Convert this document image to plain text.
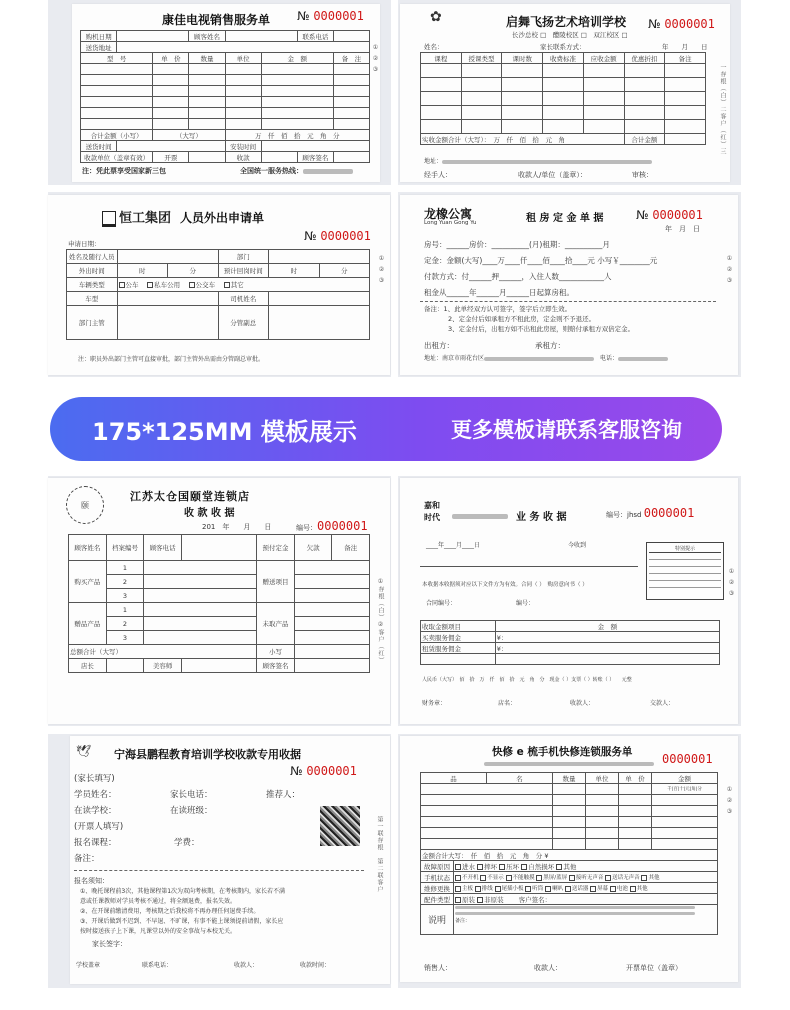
康佳电视销售服务单 № 0000001
购机日期			顾客姓名			联系电话	
送货地址							
型　号		单　价	数量	单位	金　额		备　注

合计金额（小写）		（大写）		万　仟　佰　拾　元　角　分			
送货时间				安装时间			
收款单位（盖章有效）		开票		收款		顾客签名	
注：凭此票享受国家新三包	全国统一服务热线：
① ② ③
✿	启舞飞扬艺术培训学校 № 0000001
长沙总校 □　醴陵校区 □　双江校区 □
姓名：	家长联系方式：	年　　月　　日
课程	授课类型	课时数	收费标准	应收金额	优惠折扣	备注

实收金额合计（大写）：　万　仟　佰　拾　元　角					合计金额	
地址：
经手人：	收款人/单位（盖章）：	审核：
一存根（白）二客户（红）三
恒工集团 人员外出申请单
№ 0000001
申请日期：
姓名及随行人员			部门		
外出时间	时	分	预计回岗时间	时	分
车辆类型	公车　 私车公用　 公交车　 其它				
车型			司机姓名		
部门主管			分管副总		
注：职员外出部门主管可直接审批，部门主管外出需由分管副总审批。
① ② ③
龙橡公寓
Long Yuan Gong Yu	租 房 定 金 单 据	№ 0000001
年　月　日
房号：______房价：__________(月)租期：__________月
定金：金额(大写)____万____仟____佰____拾____元 小写￥________元
付款方式：付______押______，入住人数____________人
租金从______年______月______日起算房租。
备注：1、此单经双方认可签字，签字后立即生效。
2、定金付后如承租方不租此房，定金则不予退还。
3、定金付后，出租方如不出租此房屋，则赔付承租方双倍定金。
出租方：	承租方：
地址：南京市雨花台区　	电话：
① ② ③
175*125MM 模板展示	更多模板请联系客服咨询
颐
江苏太仓国颐堂连锁店
收 款 收 据
201　年　　月　　日	编号：0000001
顾客姓名	档案编号	顾客电话		预付定金	欠款	备注
购买产品	1			赠送项目		
	2					
	3					
赠品产品	1			未取产品		
	2					
	3					
总额合计（大写）				小写		
店长		美容师		顾客签名		
①存根（白）②客户（红）
嘉和
时代	业 务 收 据	编号：jhsd 0000001
____年____月____日	今收到
本收据本收据须对应以下文件方为有效。合同（ ）　购房意向书（ ）
合同编号：	编号：
特别提示
收取金额项目	金　额
买卖服务佣金	¥：
租赁服务佣金	¥：

人民币（大写）　佰　拾　万　仟　佰　拾　元　角　分　现金（ ）支票（ ）转账（ ）　　元整
财务章：	店名：	收款人：	交款人：
① ② ③
🕊 宁海县鹏程教育培训学校收款专用收据
№ 0000001
(家长填写)
学员姓名：	家长电话：	推荐人：
在读学校：	在读班级：
(开票人填写)
报名课程：	学费：
备注：
报名须知：
①、晚托课程前3次，其他课程第1次为双向考核期，在考核期内，家长若不满
意或任课教师对学员考核不通过，将全额退费，报名失效。
②、在开课前缴清费用，考核期之后我校将不再办理任何退费手续。
③、开课后做到不迟到、不早退、不旷课，有事不能上课须提前请假，家长应
按时接送孩子上下课，凡课堂以外的安全事故与本校无关。
家长签字：
学校盖章	联系电话：	收款人：	收款时间：
第一联存根　第二联客户
快修 e 梳手机快修连锁服务单 0000001
品		名	数量	单位	单　价	金额
						千|百|十|元|角|分

金额合计大写：　仟　佰　拾　元　角　分 ¥						
故障原因	进水 摔坏 压坏 自然损坏 其他					
手机状态	不开机 不显示 不能触摸 黑屏/蓝屏 接听无声音 送话无声音 其他					
维修更换	主板 排线 尾插小板 听筒 喇叭 送话器 屏幕 电池 其他					
配件类型	原装 非原装　　 客户签名：					
说明	备注：					
销售人：	收款人：	开票单位（盖章）
① ② ③
